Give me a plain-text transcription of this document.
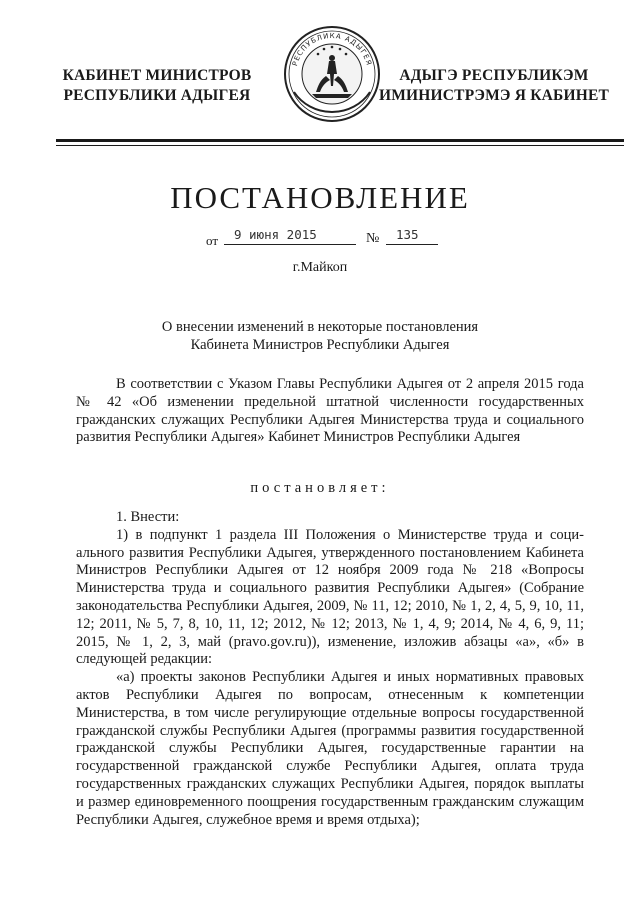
КАБИНЕТ МИНИСТРОВ
РЕСПУБЛИКИ АДЫГЕЯ
РЕСПУБЛИКА АДЫГЕЯ
АДЫГЭ РЕСПУБЛИКЭМ
ИМИНИСТРЭМЭ Я КАБИНЕТ
ПОСТАНОВЛЕНИЕ
от 9 июня 2015	№ 135
г.Майкоп
О внесении изменений в некоторые постановления
Кабинета Министров Республики Адыгея

В соответствии с Указом Главы Республики Адыгея от 2 апреля 2015 года № 42 «Об изменении предельной штатной численности государственных гражданских служащих Республики Адыгея Министерства труда и социального развития Республики Адыгея» Кабинет Министров Республики Адыгея

постановляет:

1. Внести:

1) в подпункт 1 раздела III Положения о Министерстве труда и социального развития Республики Адыгея, утвержденного постановлением Кабинета Министров Республики Адыгея от 12 ноября 2009 года № 218 «Вопросы Министерства труда и социального развития Республики Адыгея» (Собрание законодательства Республики Адыгея, 2009, № 11, 12; 2010, № 1, 2, 4, 5, 9, 10, 11, 12; 2011, № 5, 7, 8, 10, 11, 12; 2012, № 12; 2013, № 1, 4, 9; 2014, № 4, 6, 9, 11; 2015, № 1, 2, 3, май (pravo.gov.ru)), изменение, изложив абзацы «а», «б» в следующей редакции:

«а) проекты законов Республики Адыгея и иных нормативных правовых актов Республики Адыгея по вопросам, отнесенным к компетенции Министерства, в том числе регулирующие отдельные вопросы государственной гражданской службы Республики Адыгея (программы развития государственной гражданской службы Республики Адыгея, государственные гарантии на государственной гражданской службе Республики Адыгея, оплата труда государственных гражданских служащих Республики Адыгея, порядок выплаты и размер единовременного поощрения государственным гражданским служащим Республики Адыгея, служебное время и время отдыха);
